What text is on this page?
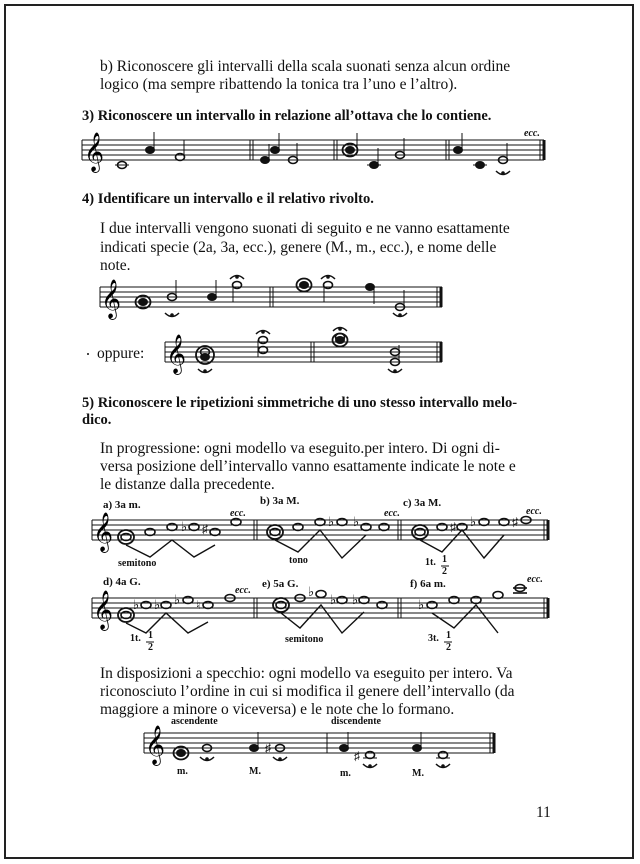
b) Riconoscere gli intervalli della scala suonati senza alcun ordine

logico (ma sempre ribattendo la tonica tra l’uno e l’altro).

3) Riconoscere un intervallo in relazione all’ottava che lo contiene.

ecc.
𝄞

4) Identificare un intervallo e il relativo rivolto.

I due intervalli vengono suonati di seguito e ne vanno esattamente

indicati specie (2a, 3a, ecc.), genere (M., m., ecc.), e nome delle

note.

𝄞
oppure: 𝄞

5) Riconoscere le ripetizioni simmetriche di uno stesso intervallo melo-

dico.

In progressione: ogni modello va eseguito.per intero. Di ogni di-

versa posizione dell’intervallo vanno esattamente indicate le note e

le distanze dalla precedente.

a) 3a m.	b) 3a M.	c) 3a M.
ecc.	ecc.	ecc.
𝄞	♭ ♯	♭ ♭	♯ ♭	♯
semitono	tono	1t. 1
2
d) 4a G.	e) 5a G.	f) 6a m.
ecc.
ecc.
𝄞 ♭ ♭ ♭ ♮
♭
♭ ♭	♭
1t. 1
2
semitono	3t. 1
2

In disposizioni a specchio: ogni modello va eseguito per intero. Va

riconosciuto l’ordine in cui si modifica il genere dell’intervallo (da

maggiore a minore o viceversa) e le note che lo formano.

ascendente	discendente
𝄞	♯
♯
m.	M.	m.	M.
11
